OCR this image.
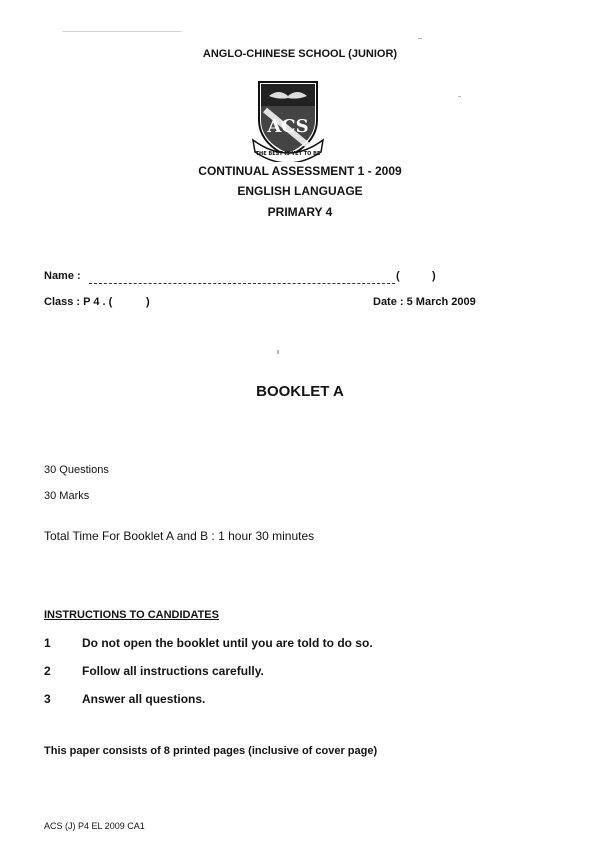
ANGLO-CHINESE SCHOOL (JUNIOR)
ACS
THE BEST IS YET TO BE
CONTINUAL ASSESSMENT 1 - 2009
ENGLISH LANGUAGE
PRIMARY 4
Name :	(	)
Class : P 4 . (	)	Date : 5 March 2009
BOOKLET A
30 Questions
30 Marks
Total Time For Booklet A and B : 1 hour 30 minutes
INSTRUCTIONS TO CANDIDATES
1	Do not open the booklet until you are told to do so.
2	Follow all instructions carefully.
3	Answer all questions.
This paper consists of 8 printed pages (inclusive of cover page)
ACS (J) P4 EL 2009 CA1
